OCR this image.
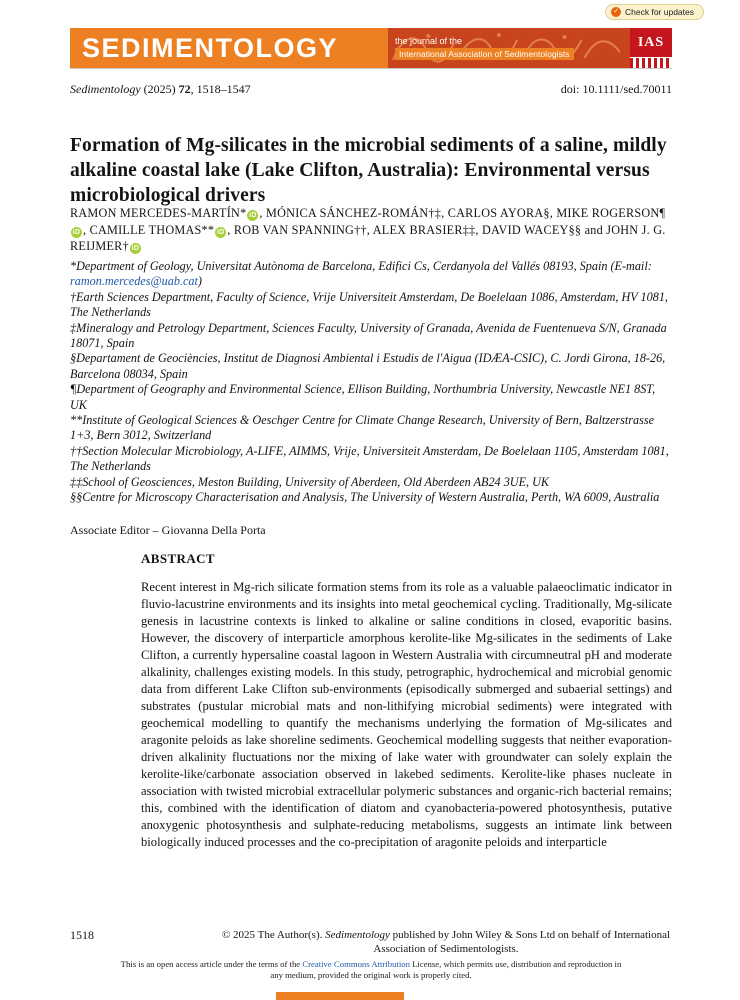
✓ Check for updates
SEDIMENTOLOGY	the journal of the
International Association of Sedimentologists
IAS
Sedimentology (2025) 72, 1518–1547	doi: 10.1111/sed.70011
Formation of Mg-silicates in the microbial sediments of a saline, mildly alkaline coastal lake (Lake Clifton, Australia): Environmental versus microbiological drivers
RAMON MERCEDES-MARTÍN* iD , MÓNICA SÁNCHEZ-ROMÁN†‡, CARLOS AYORA§, MIKE ROGERSON¶iD , CAMILLE THOMAS** iD , ROB VAN SPANNING††, ALEX BRASIER‡‡, DAVID WACEY§§ and JOHN J. G. REIJMER† iD

*Department of Geology, Universitat Autònoma de Barcelona, Edifici Cs, Cerdanyola del Vallés 08193, Spain (E-mail: ramon.mercedes@uab.cat)

†Earth Sciences Department, Faculty of Science, Vrije Universiteit Amsterdam, De Boelelaan 1086, Amsterdam, HV 1081, The Netherlands

‡Mineralogy and Petrology Department, Sciences Faculty, University of Granada, Avenida de Fuentenueva S/N, Granada 18071, Spain

§Departament de Geociències, Institut de Diagnosi Ambiental i Estudis de l'Aigua (IDÆA-CSIC), C. Jordi Girona, 18-26, Barcelona 08034, Spain

¶Department of Geography and Environmental Science, Ellison Building, Northumbria University, Newcastle NE1 8ST, UK

**Institute of Geological Sciences & Oeschger Centre for Climate Change Research, University of Bern, Baltzerstrasse 1+3, Bern 3012, Switzerland

††Section Molecular Microbiology, A-LIFE, AIMMS, Vrije, Universiteit Amsterdam, De Boelelaan 1105, Amsterdam 1081, The Netherlands

‡‡School of Geosciences, Meston Building, University of Aberdeen, Old Aberdeen AB24 3UE, UK

§§Centre for Microscopy Characterisation and Analysis, The University of Western Australia, Perth, WA 6009, Australia

Associate Editor – Giovanna Della Porta
ABSTRACT

Recent interest in Mg-rich silicate formation stems from its role as a valuable palaeoclimatic indicator in fluvio-lacustrine environments and its insights into metal geochemical cycling. Traditionally, Mg-silicate genesis in lacustrine contexts is linked to alkaline or saline conditions in closed, evaporitic basins. However, the discovery of interparticle amorphous kerolite-like Mg-silicates in the sediments of Lake Clifton, a currently hypersaline coastal lagoon in Western Australia with circumneutral pH and moderate alkalinity, challenges existing models. In this study, petrographic, hydrochemical and microbial genomic data from different Lake Clifton sub-environments (episodically submerged and subaerial settings) and substrates (pustular microbial mats and non-lithifying microbial sediments) were integrated with geochemical modelling to quantify the mechanisms underlying the formation of Mg-silicates and aragonite peloids as lake shoreline sediments. Geochemical modelling suggests that neither evaporation-driven alkalinity fluctuations nor the mixing of lake water with groundwater can solely explain the kerolite-like/carbonate association observed in lakebed sediments. Kerolite-like phases nucleate in association with twisted microbial extracellular polymeric substances and organic-rich bacterial remains; this, combined with the identification of diatom and cyanobacteria-powered photosynthesis, putative anoxygenic photosynthesis and sulphate-reducing metabolisms, suggests an intimate link between biologically induced processes and the co-precipitation of aragonite peloids and interparticle

1518	© 2025 The Author(s). Sedimentology published by John Wiley & Sons Ltd on behalf of International Association of Sedimentologists.
This is an open access article under the terms of the Creative Commons Attribution License, which permits use, distribution and reproduction in any medium, provided the original work is properly cited.
